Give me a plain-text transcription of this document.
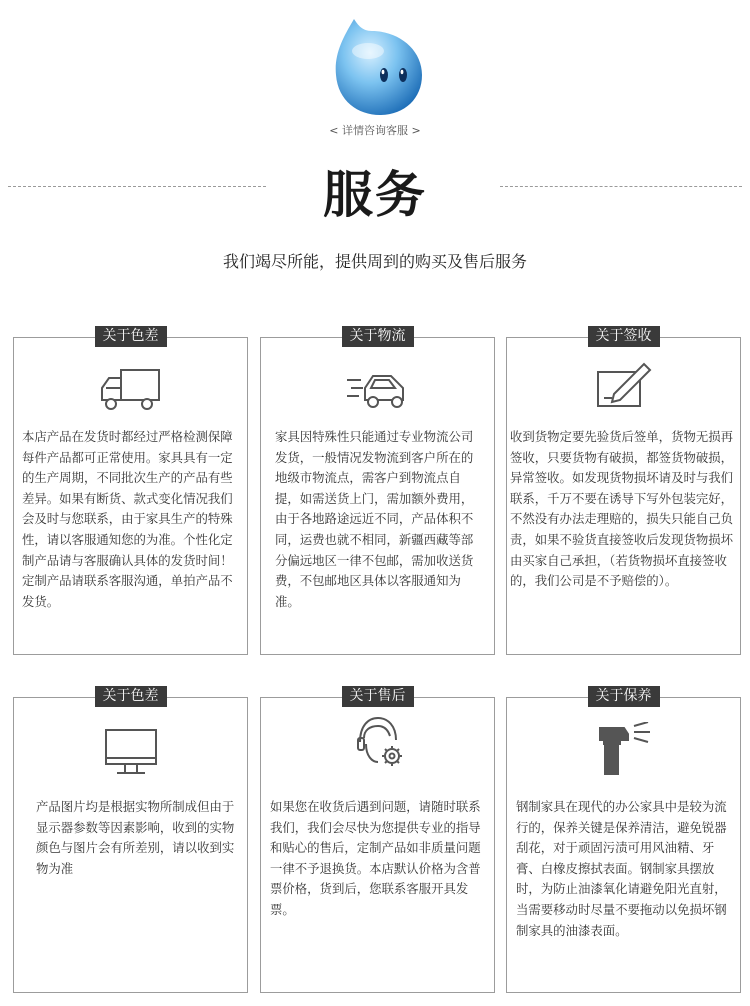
< 详情咨询客服 >
服务
我们竭尽所能，提供周到的购买及售后服务
关于色差
本店产品在发货时都经过严格检测保障每件产品都可正常使用。家具具有一定的生产周期，不同批次生产的产品有些差异。如果有断货、款式变化情况我们会及时与您联系，由于家具生产的特殊性，请以客服通知您的为准。个性化定制产品请与客服确认具体的发货时间！定制产品请联系客服沟通，单拍产品不发货。
关于物流
家具因特殊性只能通过专业物流公司发货，一般情况发物流到客户所在的地级市物流点，需客户到物流点自提，如需送货上门，需加额外费用，由于各地路途远近不同，产品体积不同，运费也就不相同，新疆西藏等部分偏远地区一律不包邮，需加收送货费，不包邮地区具体以客服通知为准。
关于签收
收到货物定要先验货后签单，货物无损再签收，只要货物有破损，都签货物破损，异常签收。如发现货物损坏请及时与我们联系，千万不要在诱导下写外包装完好，不然没有办法走理赔的，损失只能自己负责，如果不验货直接签收后发现货物损坏由买家自己承担，（若货物损坏直接签收的，我们公司是不予赔偿的）。
关于色差
产品图片均是根据实物所制成但由于显示器参数等因素影响，收到的实物颜色与图片会有所差别，请以收到实物为准
关于售后
如果您在收货后遇到问题，请随时联系我们，我们会尽快为您提供专业的指导和贴心的售后，定制产品如非质量问题一律不予退换货。本店默认价格为含普票价格，货到后，您联系客服开具发票。
关于保养
钢制家具在现代的办公家具中是较为流行的，保养关键是保养清洁，避免锐器刮花，对于顽固污渍可用风油精、牙膏、白橡皮擦拭表面。钢制家具摆放时，为防止油漆氧化请避免阳光直射，当需要移动时尽量不要拖动以免损坏钢制家具的油漆表面。
